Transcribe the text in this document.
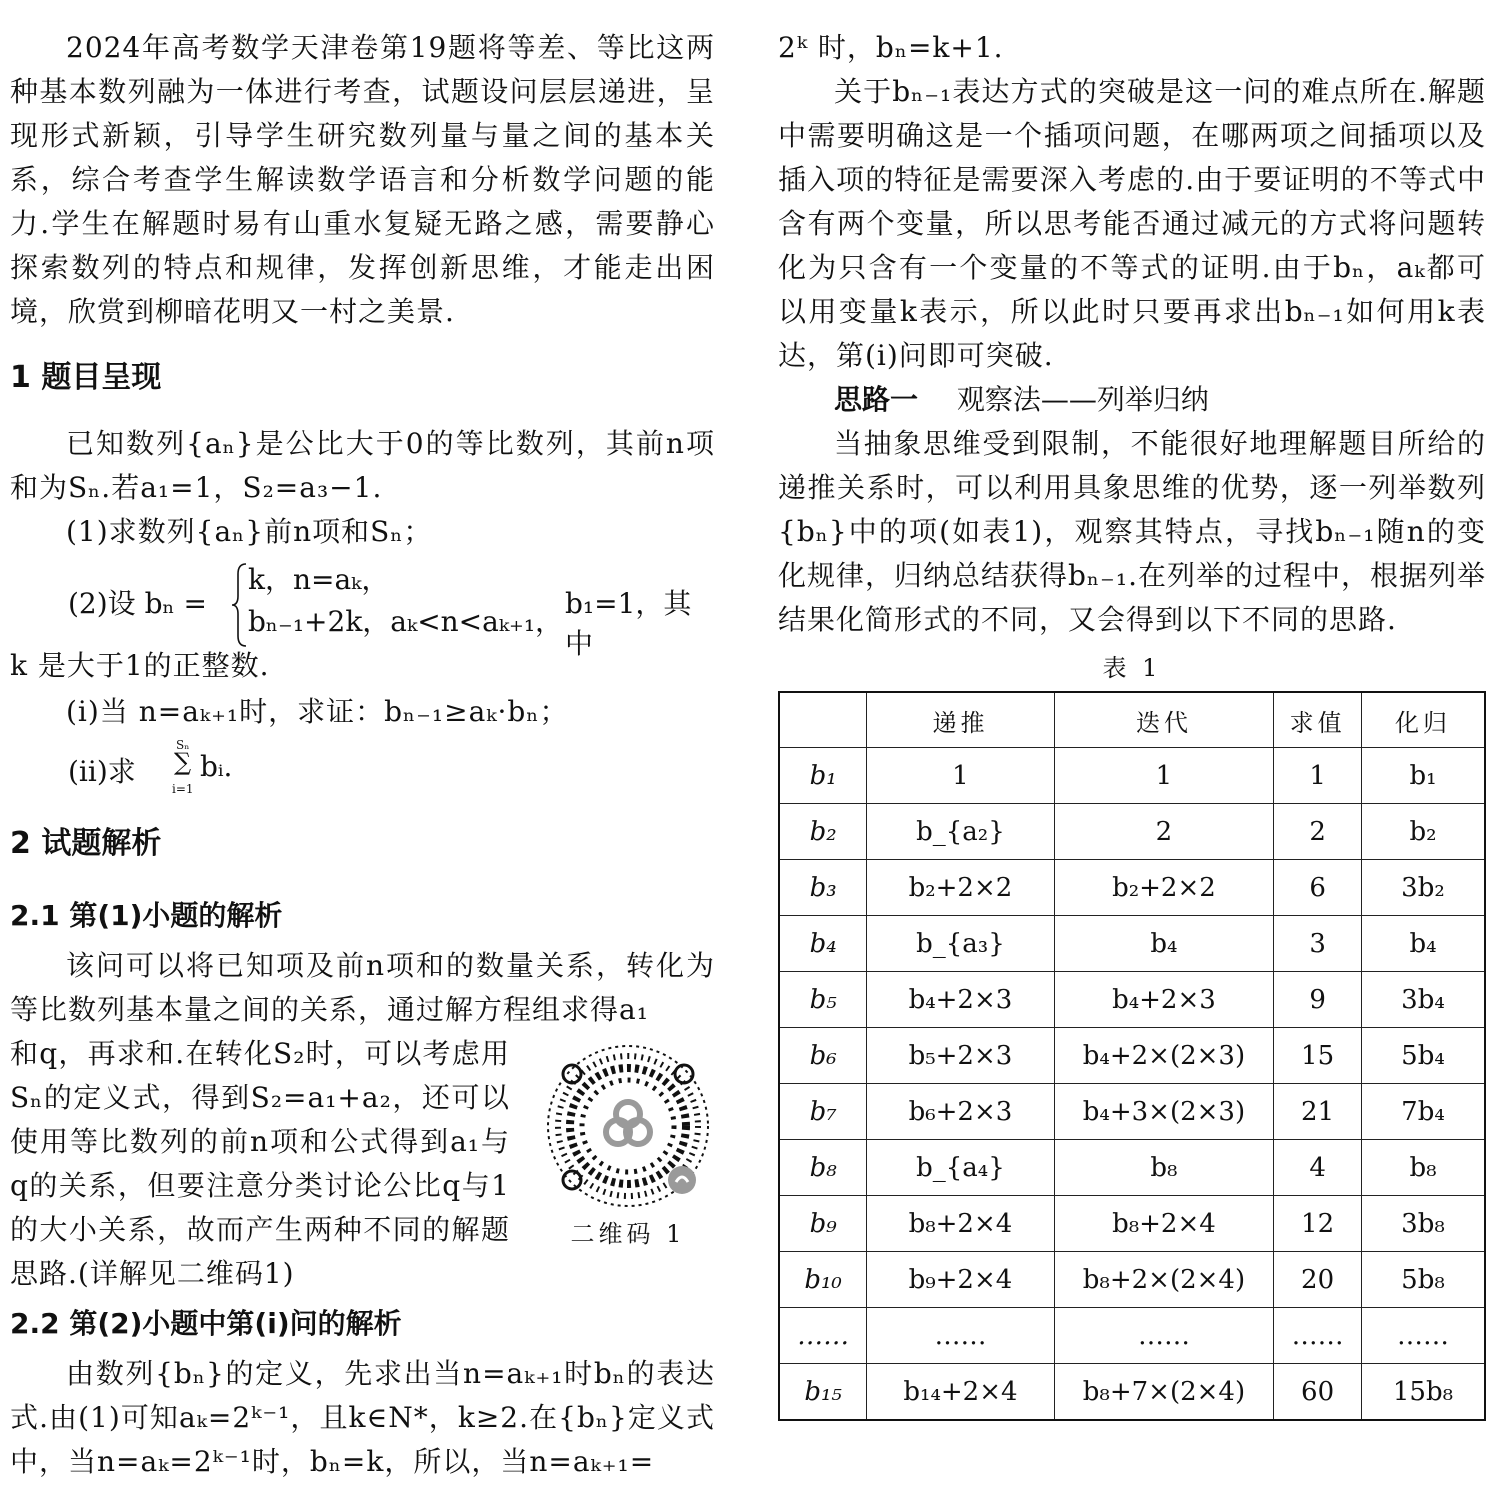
2024年高考数学天津卷第19题将等差、等比这两种基本数列融为一体进行考查，试题设问层层递进，呈现形式新颖，引导学生研究数列量与量之间的基本关系，综合考查学生解读数学语言和分析数学问题的能力.学生在解题时易有山重水复疑无路之感，需要静心探索数列的特点和规律，发挥创新思维，才能走出困境，欣赏到柳暗花明又一村之美景.

1 题目呈现

已知数列{aₙ}是公比大于0的等比数列，其前n项和为Sₙ.若a₁=1，S₂=a₃−1.

(1)求数列{aₙ}前n项和Sₙ；

(2)设 bₙ =
k，n=aₖ，
bₙ₋₁+2k，aₖ<n<aₖ₊₁，
b₁=1，其中

k 是大于1的正整数.

(ⅰ)当 n=aₖ₊₁时，求证：bₙ₋₁≥aₖ·bₙ；

(ⅱ)求
Sₙ
∑
i=1
bᵢ.
2 试题解析
2.1 第(1)小题的解析

该问可以将已知项及前n项和的数量关系，转化为等比数列基本量之间的关系，通过解方程组求得a₁

和q，再求和.在转化S₂时，可以考虑用Sₙ的定义式，得到S₂=a₁+a₂，还可以使用等比数列的前n项和公式得到a₁与q的关系，但要注意分类讨论公比q与1的大小关系，故而产生两种不同的解题思路.(详解见二维码1)

二维码 1
2.2 第(2)小题中第(ⅰ)问的解析

由数列{bₙ}的定义，先求出当n=aₖ₊₁时bₙ的表达式.由(1)可知aₖ=2ᵏ⁻¹，且k∈N*，k≥2.在{bₙ}定义式中，当n=aₖ=2ᵏ⁻¹时，bₙ=k，所以，当n=aₖ₊₁=

2ᵏ 时，bₙ=k+1.

关于bₙ₋₁表达方式的突破是这一问的难点所在.解题中需要明确这是一个插项问题，在哪两项之间插项以及插入项的特征是需要深入考虑的.由于要证明的不等式中含有两个变量，所以思考能否通过减元的方式将问题转化为只含有一个变量的不等式的证明.由于bₙ，aₖ都可以用变量k表示，所以此时只要再求出bₙ₋₁如何用k表达，第(ⅰ)问即可突破.

思路一 观察法——列举归纳

当抽象思维受到限制，不能很好地理解题目所给的递推关系时，可以利用具象思维的优势，逐一列举数列{bₙ}中的项(如表1)，观察其特点，寻找bₙ₋₁随n的变化规律，归纳总结获得bₙ₋₁.在列举的过程中，根据列举结果化简形式的不同，又会得到以下不同的思路.

表 1
	递推	迭代	求值	化归
b₁	1	1	1	b₁
b₂	b_{a₂}	2	2	b₂
b₃	b₂+2×2	b₂+2×2	6	3b₂
b₄	b_{a₃}	b₄	3	b₄
b₅	b₄+2×3	b₄+2×3	9	3b₄
b₆	b₅+2×3	b₄+2×(2×3)	15	5b₄
b₇	b₆+2×3	b₄+3×(2×3)	21	7b₄
b₈	b_{a₄}	b₈	4	b₈
b₉	b₈+2×4	b₈+2×4	12	3b₈
b₁₀	b₉+2×4	b₈+2×(2×4)	20	5b₈
……	……	……	……	……
b₁₅	b₁₄+2×4	b₈+7×(2×4)	60	15b₈
